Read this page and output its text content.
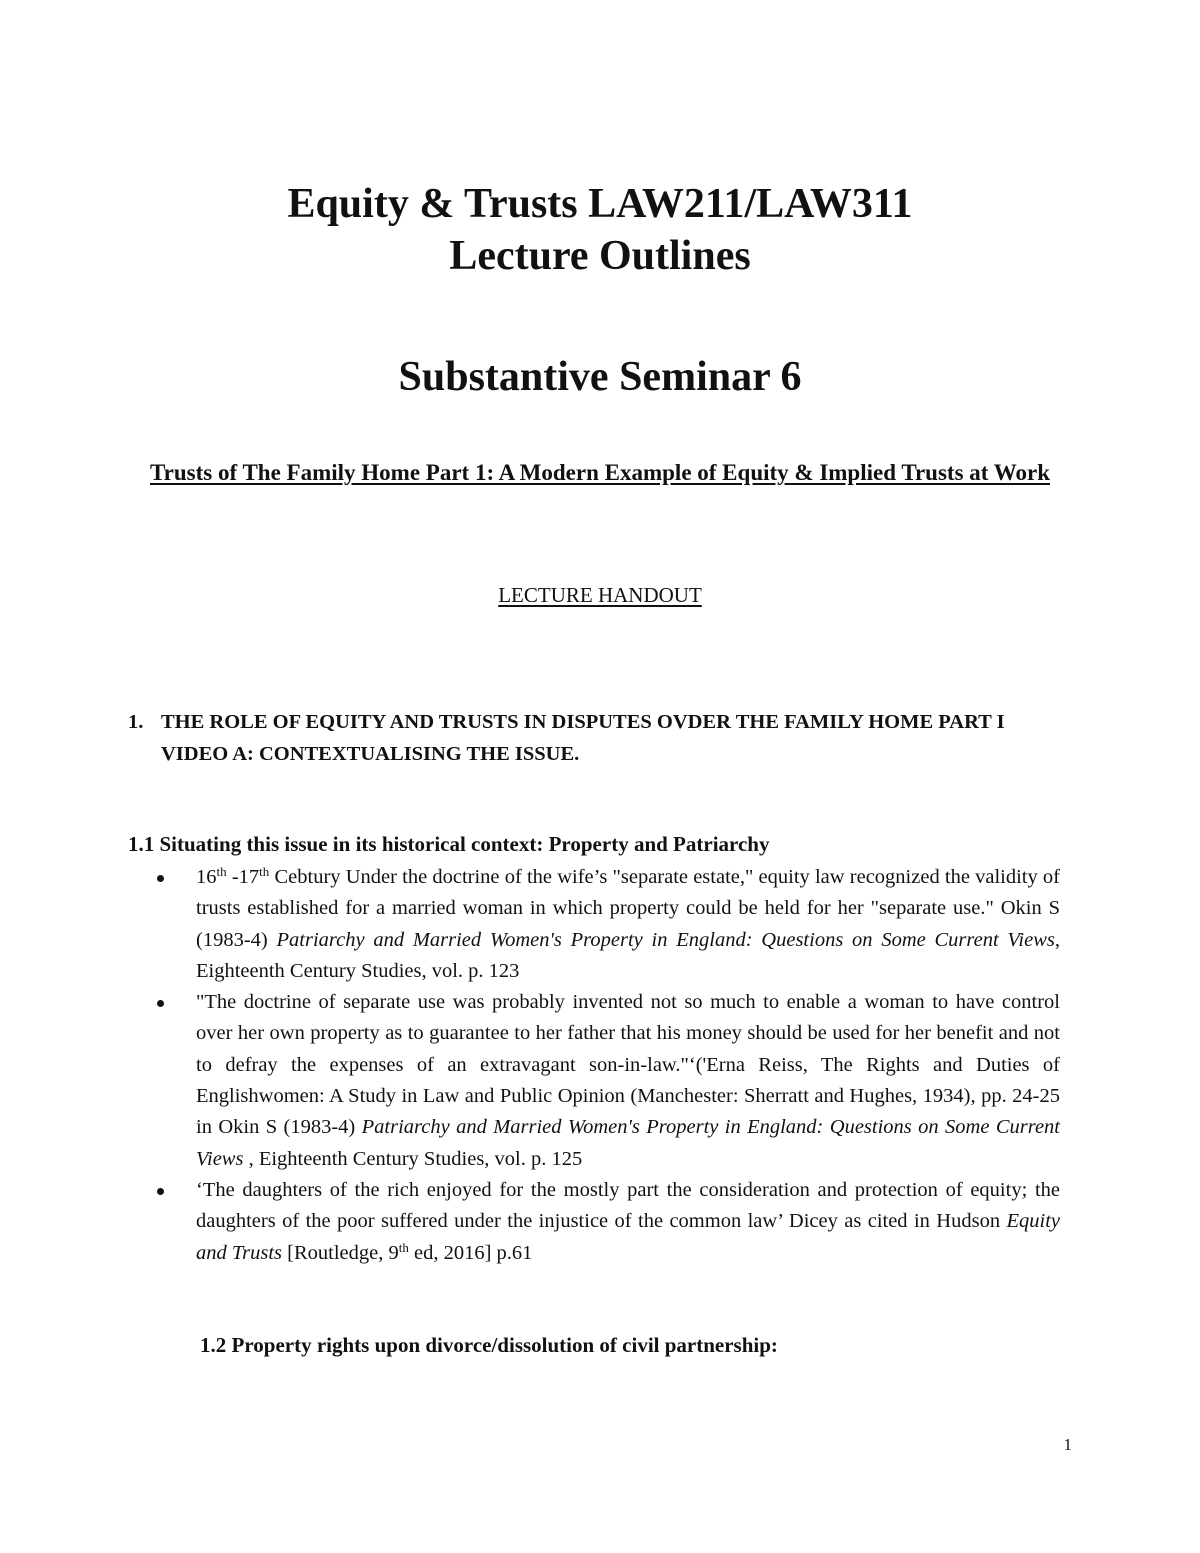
Equity & Trusts LAW211/LAW311
Lecture Outlines
Substantive Seminar 6
Trusts of The Family Home Part 1: A Modern Example of Equity & Implied Trusts at Work
LECTURE HANDOUT
1. THE ROLE OF EQUITY AND TRUSTS IN DISPUTES OVDER THE FAMILY HOME PART I VIDEO A: CONTEXTUALISING THE ISSUE.
1.1 Situating this issue in its historical context: Property and Patriarchy
16th -17th Cebtury Under the doctrine of the wife’s "separate estate," equity law recognized the validity of trusts established for a married woman in which property could be held for her "separate use." Okin S (1983-4) Patriarchy and Married Women's Property in England: Questions on Some Current Views, Eighteenth Century Studies, vol. p. 123
"The doctrine of separate use was probably invented not so much to enable a woman to have control over her own property as to guarantee to her father that his money should be used for her benefit and not to defray the expenses of an extravagant son-in-law."‘('Erna Reiss, The Rights and Duties of Englishwomen: A Study in Law and Public Opinion (Manchester: Sherratt and Hughes, 1934), pp. 24-25 in Okin S (1983-4) Patriarchy and Married Women's Property in England: Questions on Some Current Views , Eighteenth Century Studies, vol. p. 125
‘The daughters of the rich enjoyed for the mostly part the consideration and protection of equity; the daughters of the poor suffered under the injustice of the common law’ Dicey as cited in Hudson Equity and Trusts [Routledge, 9th ed, 2016] p.61
1.2 Property rights upon divorce/dissolution of civil partnership:
1
